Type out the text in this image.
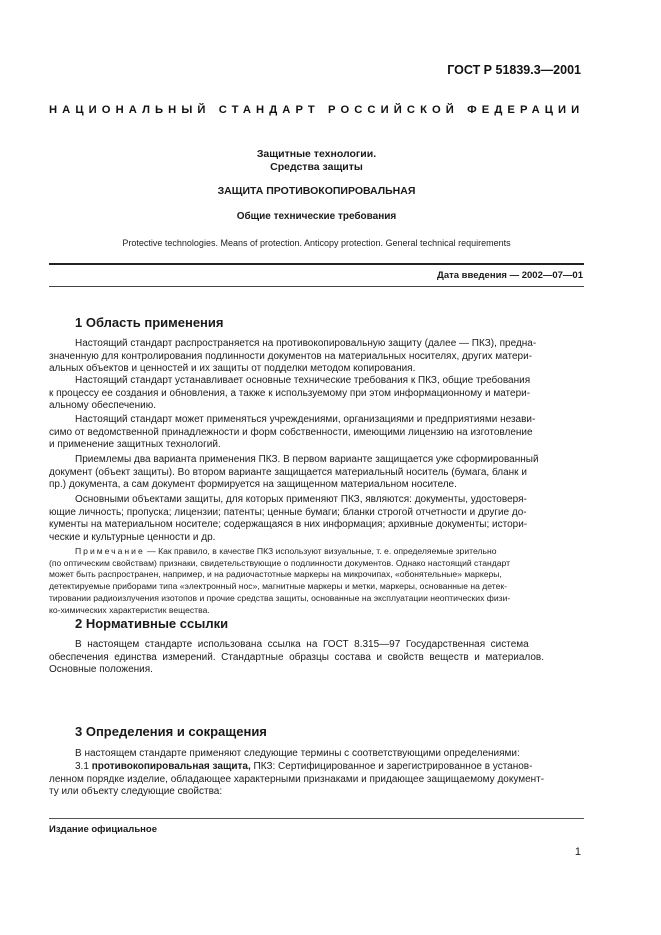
ГОСТ Р 51839.3—2001
НАЦИОНАЛЬНЫЙ СТАНДАРТ РОССИЙСКОЙ ФЕДЕРАЦИИ
Защитные технологии.
Средства защиты
ЗАЩИТА ПРОТИВОКОПИРОВАЛЬНАЯ
Общие технические требования
Protective technologies. Means of protection. Anticopy protection. General technical requirements
Дата введения — 2002—07—01
1 Область применения
Настоящий стандарт распространяется на противокопировальную защиту (далее — ПКЗ), предна-
значенную для контролирования подлинности документов на материальных носителях, других матери-
альных объектов и ценностей и их защиты от подделки методом копирования.
Настоящий стандарт устанавливает основные технические требования к ПКЗ, общие требования
к процессу ее создания и обновления, а также к используемому при этом информационному и матери-
альному обеспечению.
Настоящий стандарт может применяться учреждениями, организациями и предприятиями незави-
симо от ведомственной принадлежности и форм собственности, имеющими лицензию на изготовление
и применение защитных технологий.
Приемлемы два варианта применения ПКЗ. В первом варианте защищается уже сформированный
документ (объект защиты). Во втором варианте защищается материальный носитель (бумага, бланк и
пр.) документа, а сам документ формируется на защищенном материальном носителе.
Основными объектами защиты, для которых применяют ПКЗ, являются: документы, удостоверя-
ющие личность; пропуска; лицензии; патенты; ценные бумаги; бланки строгой отчетности и другие до-
кументы на материальном носителе; содержащаяся в них информация; архивные документы; истори-
ческие и культурные ценности и др.
Примечание — Как правило, в качестве ПКЗ используют визуальные, т. е. определяемые зрительно
(по оптическим свойствам) признаки, свидетельствующие о подлинности документов. Однако настоящий стандарт
может быть распространен, например, и на радиочастотные маркеры на микрочипах, «обонятельные» маркеры,
детектируемые приборами типа «электронный нос», магнитные маркеры и метки, маркеры, основанные на детек-
тировании радиоизлучения изотопов и прочие средства защиты, основанные на эксплуатации неоптических физи-
ко-химических характеристик вещества.
2 Нормативные ссылки
В  настоящем  стандарте  использована  ссылка  на  ГОСТ  8.315—97  Государственная  система
обеспечения  единства  измерений.  Стандартные  образцы  состава  и  свойств  веществ  и  материалов.
Основные положения.
3 Определения и сокращения
В настоящем стандарте применяют следующие термины с соответствующими определениями:
3.1 противокопировальная защита, ПКЗ: Сертифицированное и зарегистрированное в установ-
ленном порядке изделие, обладающее характерными признаками и придающее защищаемому документ-
ту или объекту следующие свойства:
Издание официальное
1
